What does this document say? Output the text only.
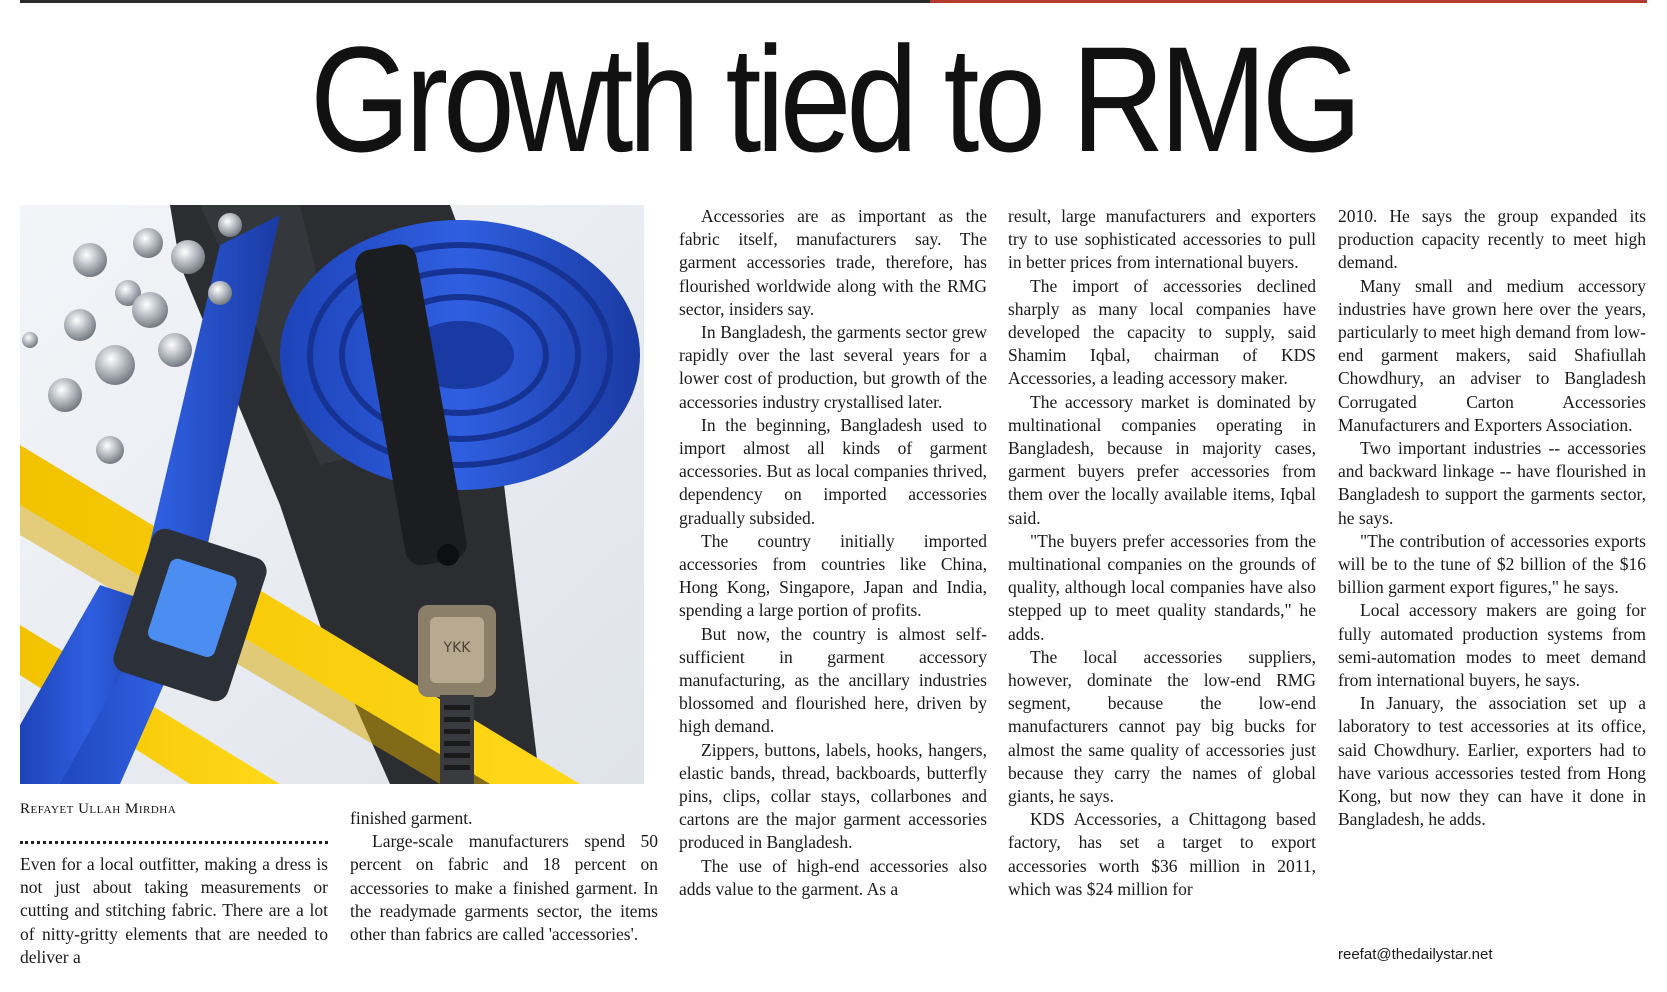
Growth tied to RMG
YKK
Refayet Ullah Mirdha

Even for a local outfitter, making a dress is not just about taking measurements or cutting and stitching fabric. There are a lot of nitty-gritty elements that are needed to deliver a

finished garment.

Large-scale manufacturers spend 50 percent on fabric and 18 percent on accessories to make a finished garment. In the readymade garments sector, the items other than fabrics are called 'accessories'.

Accessories are as important as the fabric itself, manufacturers say. The garment accessories trade, therefore, has flourished worldwide along with the RMG sector, insiders say.

In Bangladesh, the garments sector grew rapidly over the last several years for a lower cost of production, but growth of the accessories industry crystallised later.

In the beginning, Bangladesh used to import almost all kinds of garment accessories. But as local companies thrived, dependency on imported accessories gradually subsided.

The country initially imported accessories from countries like China, Hong Kong, Singapore, Japan and India, spending a large portion of profits.

But now, the country is almost self-sufficient in garment accessory manufacturing, as the ancillary industries blossomed and flourished here, driven by high demand.

Zippers, buttons, labels, hooks, hangers, elastic bands, thread, backboards, butterfly pins, clips, collar stays, collarbones and cartons are the major garment accessories produced in Bangladesh.

The use of high-end accessories also adds value to the garment. As a

result, large manufacturers and exporters try to use sophisticated accessories to pull in better prices from international buyers.

The import of accessories declined sharply as many local companies have developed the capacity to supply, said Shamim Iqbal, chairman of KDS Accessories, a leading accessory maker.

The accessory market is dominated by multinational companies operating in Bangladesh, because in majority cases, garment buyers prefer accessories from them over the locally available items, Iqbal said.

"The buyers prefer accessories from the multinational companies on the grounds of quality, although local companies have also stepped up to meet quality standards," he adds.

The local accessories suppliers, however, dominate the low-end RMG segment, because the low-end manufacturers cannot pay big bucks for almost the same quality of accessories just because they carry the names of global giants, he says.

KDS Accessories, a Chittagong based factory, has set a target to export accessories worth $36 million in 2011, which was $24 million for

2010. He says the group expanded its production capacity recently to meet high demand.

Many small and medium accessory industries have grown here over the years, particularly to meet high demand from low-end garment makers, said Shafiullah Chowdhury, an adviser to Bangladesh Corrugated Carton Accessories Manufacturers and Exporters Association.

Two important industries -- accessories and backward linkage -- have flourished in Bangladesh to support the garments sector, he says.

"The contribution of accessories exports will be to the tune of $2 billion of the $16 billion garment export figures," he says.

Local accessory makers are going for fully automated production systems from semi-automation modes to meet demand from international buyers, he says.

In January, the association set up a laboratory to test accessories at its office, said Chowdhury. Earlier, exporters had to have various accessories tested from Hong Kong, but now they can have it done in Bangladesh, he adds.

reefat@thedailystar.net
